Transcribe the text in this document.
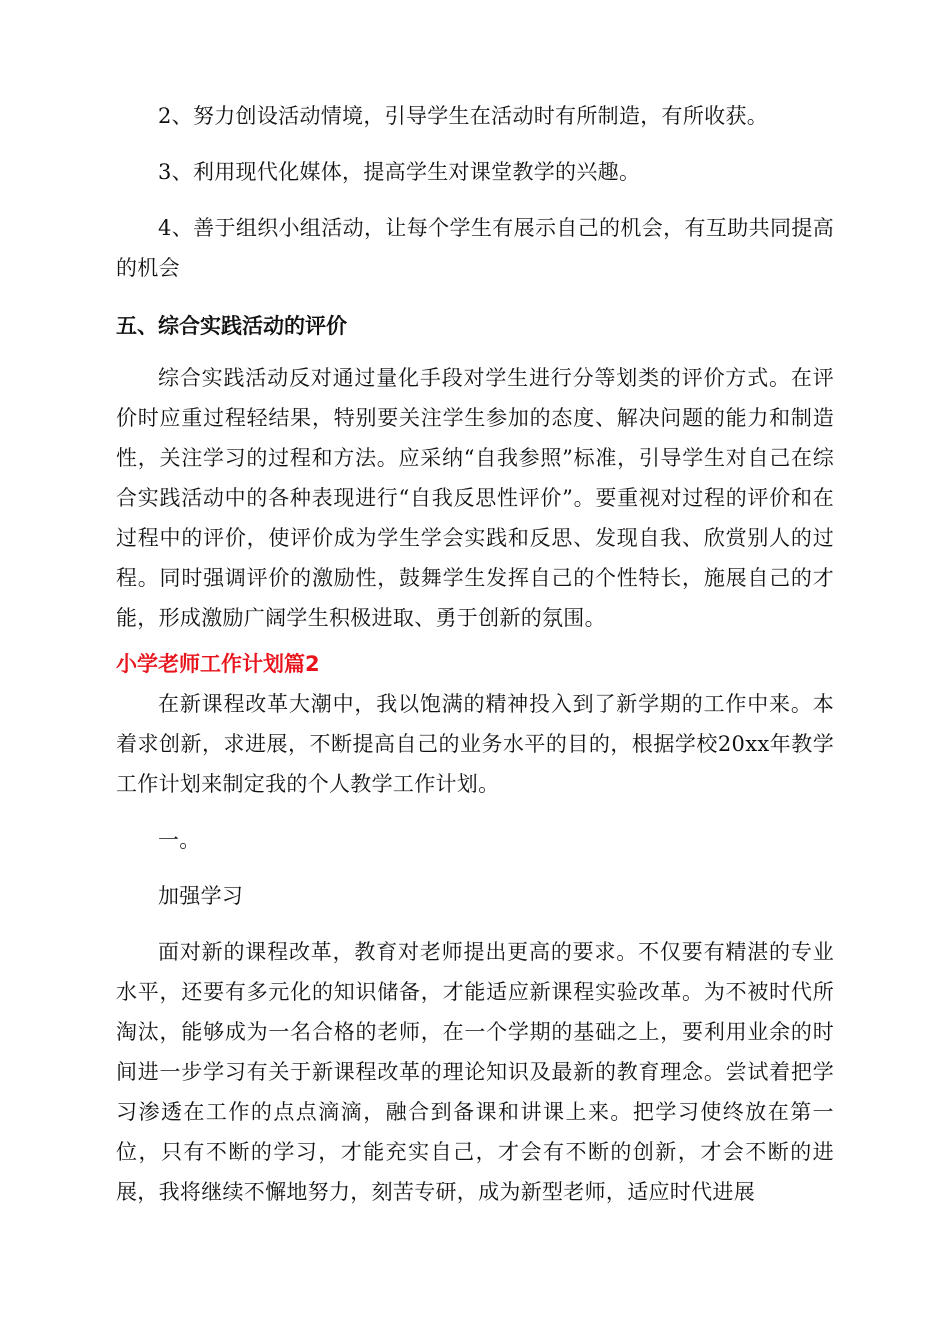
2、努力创设活动情境，引导学生在活动时有所制造，有所收获。

3、利用现代化媒体，提高学生对课堂教学的兴趣。

4、善于组织小组活动，让每个学生有展示自己的机会，有互助共同提高的机会

五、综合实践活动的评价

综合实践活动反对通过量化手段对学生进行分等划类的评价方式。在评价时应重过程轻结果，特别要关注学生参加的态度、解决问题的能力和制造性，关注学习的过程和方法。应采纳“自我参照”标准，引导学生对自己在综合实践活动中的各种表现进行“自我反思性评价”。要重视对过程的评价和在过程中的评价，使评价成为学生学会实践和反思、发现自我、欣赏别人的过程。同时强调评价的激励性，鼓舞学生发挥自己的个性特长，施展自己的才能，形成激励广阔学生积极进取、勇于创新的氛围。

小学老师工作计划篇2

在新课程改革大潮中，我以饱满的精神投入到了新学期的工作中来。本着求创新，求进展，不断提高自己的业务水平的目的，根据学校20xx年教学工作计划来制定我的个人教学工作计划。

一。

加强学习

面对新的课程改革，教育对老师提出更高的要求。不仅要有精湛的专业水平，还要有多元化的知识储备，才能适应新课程实验改革。为不被时代所淘汰，能够成为一名合格的老师，在一个学期的基础之上，要利用业余的时间进一步学习有关于新课程改革的理论知识及最新的教育理念。尝试着把学习渗透在工作的点点滴滴，融合到备课和讲课上来。把学习使终放在第一位，只有不断的学习，才能充实自己，才会有不断的创新，才会不断的进展，我将继续不懈地努力，刻苦专研，成为新型老师，适应时代进展
